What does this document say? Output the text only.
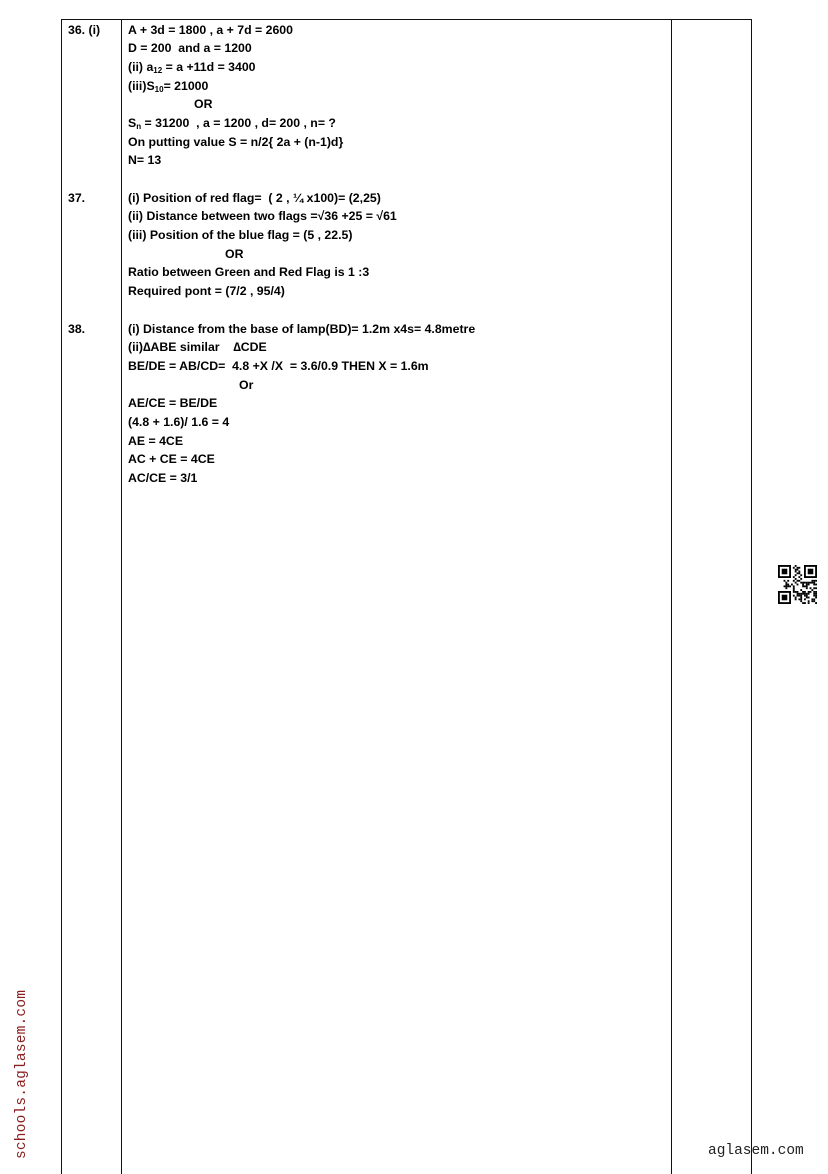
36. (i)
37.
38.
A + 3d = 1800 , a + 7d = 2600
D = 200  and a = 1200
(ii) $a_{12} = a +11d = 3400$
$(iii)S_{10}= 21000$
OR
$S_n = 31200$  , a = 1200 , d= 200 , n= ?
On putting value S = n/2{ 2a + (n-1)d}
N= 13
(i) Position of red flag=  ( 2 , ¼ x100)= (2,25)
(ii) Distance between two flags =√36 +25 = √61
(iii) Position of the blue flag = (5 , 22.5)
OR
Ratio between Green and Red Flag is 1 :3
Required pont = (7/2 , 95/4)
(i) Distance from the base of lamp(BD)= 1.2m x4s= 4.8metre
(ii)∆ABE similar    ∆CDE
BE/DE = AB/CD=  4.8 +X /X  = 3.6/0.9 THEN X = 1.6m
Or
AE/CE = BE/DE
(4.8 + 1.6)/ 1.6 = 4
AE = 4CE
AC + CE = 4CE
AC/CE = 3/1
schools.aglasem.com	aglasem.com
